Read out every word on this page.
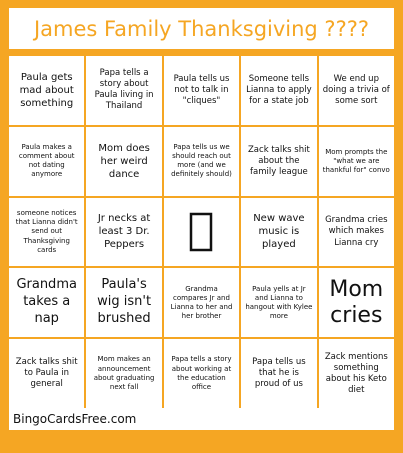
James Family Thanksgiving ????
Paula gets mad about something
Papa tells a story about Paula living in Thailand
Paula tells us not to talk in "cliques"
Someone tells Lianna to apply for a state job
We end up doing a trivia of some sort
Paula makes a comment about not dating anymore
Mom does her weird dance
Papa tells us we should reach out more (and we definitely should)
Zack talks shit about the family league
Mom prompts the "what we are thankful for" convo
someone notices that Lianna didn't send out Thanksgiving cards
Jr necks at least 3 Dr. Peppers
New wave music is played
Grandma cries which makes Lianna cry
Grandma takes a nap
Paula's wig isn't brushed
Grandma compares Jr and Lianna to her and her brother
Paula yells at Jr and Lianna to hangout with Kylee more
Mom cries
Zack talks shit to Paula in general
Mom makes an announcement about graduating next fall
Papa tells a story about working at the education office
Papa tells us that he is proud of us
Zack mentions something about his Keto diet
BingoCardsFree.com
